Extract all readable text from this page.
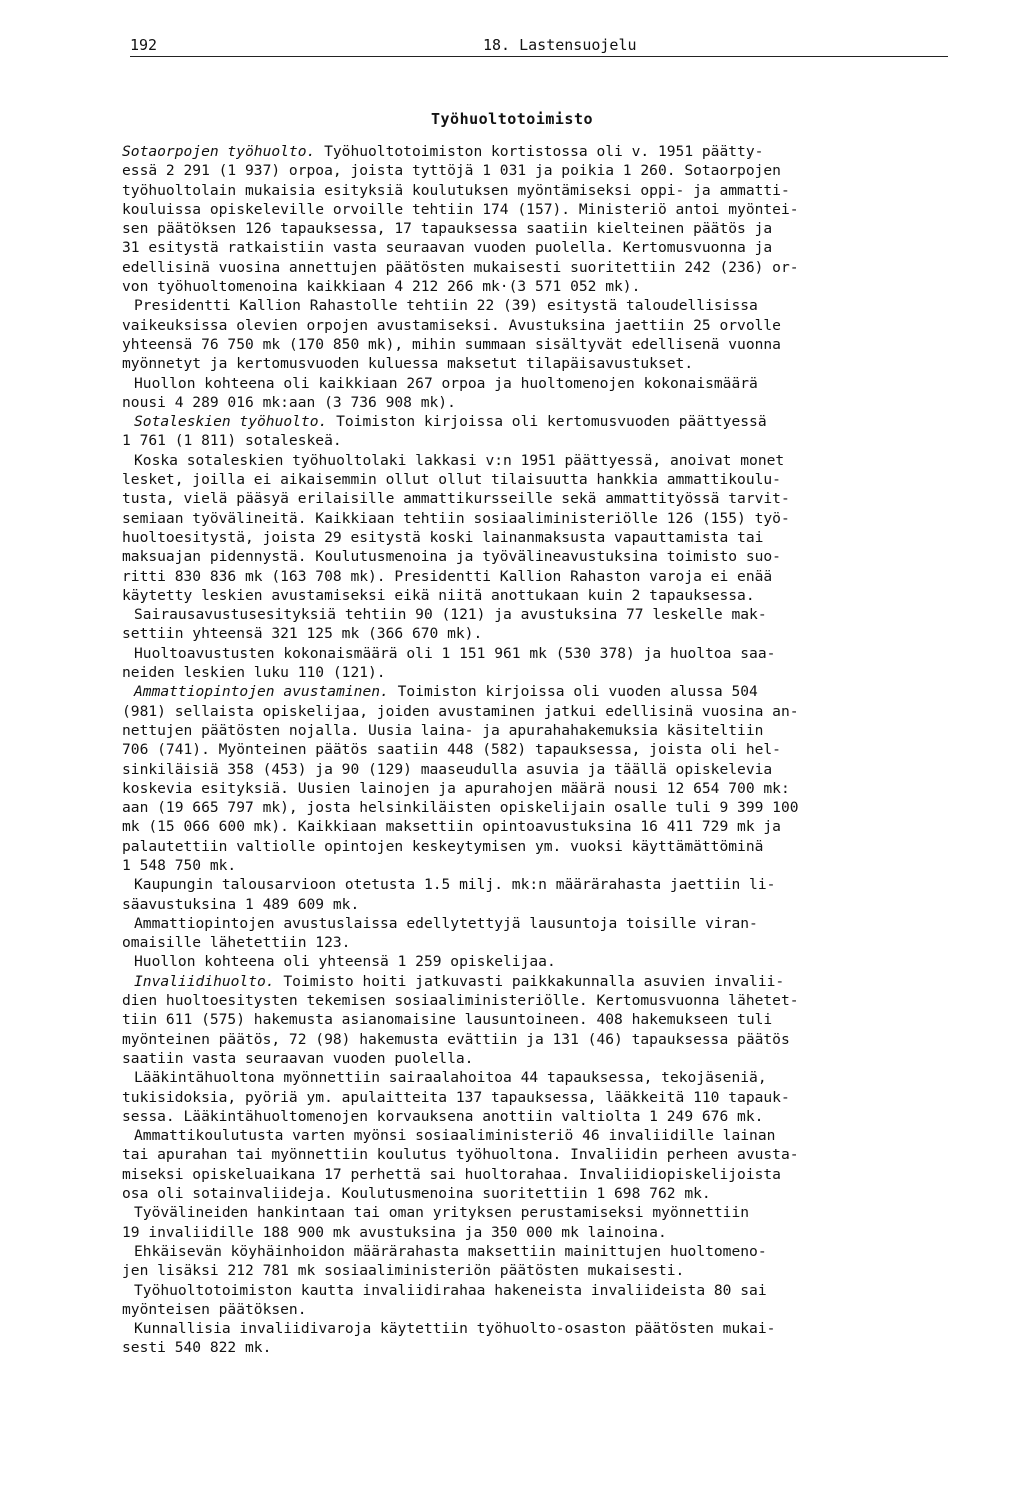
192	18. Lastensuojelu
Työhuoltotoimisto

Sotaorpojen työhuolto. Työhuoltotoimiston kortistossa oli v. 1951 päätty-

essä 2 291 (1 937) orpoa, joista tyttöjä 1 031 ja poikia 1 260. Sotaorpojen

työhuoltolain mukaisia esityksiä koulutuksen myöntämiseksi oppi- ja ammatti-

kouluissa opiskeleville orvoille tehtiin 174 (157). Ministeriö antoi myöntei-

sen päätöksen 126 tapauksessa, 17 tapauksessa saatiin kielteinen päätös ja

31 esitystä ratkaistiin vasta seuraavan vuoden puolella. Kertomusvuonna ja

edellisinä vuosina annettujen päätösten mukaisesti suoritettiin 242 (236) or-

von työhuoltomenoina kaikkiaan 4 212 266 mk·(3 571 052 mk).

Presidentti Kallion Rahastolle tehtiin 22 (39) esitystä taloudellisissa

vaikeuksissa olevien orpojen avustamiseksi. Avustuksina jaettiin 25 orvolle

yhteensä 76 750 mk (170 850 mk), mihin summaan sisältyvät edellisenä vuonna

myönnetyt ja kertomusvuoden kuluessa maksetut tilapäisavustukset.

Huollon kohteena oli kaikkiaan 267 orpoa ja huoltomenojen kokonaismäärä

nousi 4 289 016 mk:aan (3 736 908 mk).

Sotaleskien työhuolto. Toimiston kirjoissa oli kertomusvuoden päättyessä

1 761 (1 811) sotaleskeä.

Koska sotaleskien työhuoltolaki lakkasi v:n 1951 päättyessä, anoivat monet

lesket, joilla ei aikaisemmin ollut ollut tilaisuutta hankkia ammattikoulu-

tusta, vielä pääsyä erilaisille ammattikursseille sekä ammattityössä tarvit-

semiaan työvälineitä. Kaikkiaan tehtiin sosiaaliministeriölle 126 (155) työ-

huoltoesitystä, joista 29 esitystä koski lainanmaksusta vapauttamista tai

maksuajan pidennystä. Koulutusmenoina ja työvälineavustuksina toimisto suo-

ritti 830 836 mk (163 708 mk). Presidentti Kallion Rahaston varoja ei enää

käytetty leskien avustamiseksi eikä niitä anottukaan kuin 2 tapauksessa.

Sairausavustusesityksiä tehtiin 90 (121) ja avustuksina 77 leskelle mak-

settiin yhteensä 321 125 mk (366 670 mk).

Huoltoavustusten kokonaismäärä oli 1 151 961 mk (530 378) ja huoltoa saa-

neiden leskien luku 110 (121).

Ammattiopintojen avustaminen. Toimiston kirjoissa oli vuoden alussa 504

(981) sellaista opiskelijaa, joiden avustaminen jatkui edellisinä vuosina an-

nettujen päätösten nojalla. Uusia laina- ja apurahahakemuksia käsiteltiin

706 (741). Myönteinen päätös saatiin 448 (582) tapauksessa, joista oli hel-

sinkiläisiä 358 (453) ja 90 (129) maaseudulla asuvia ja täällä opiskelevia

koskevia esityksiä. Uusien lainojen ja apurahojen määrä nousi 12 654 700 mk:

aan (19 665 797 mk), josta helsinkiläisten opiskelijain osalle tuli 9 399 100

mk (15 066 600 mk). Kaikkiaan maksettiin opintoavustuksina 16 411 729 mk ja

palautettiin valtiolle opintojen keskeytymisen ym. vuoksi käyttämättöminä

1 548 750 mk.

Kaupungin talousarvioon otetusta 1.5 milj. mk:n määrärahasta jaettiin li-

säavustuksina 1 489 609 mk.

Ammattiopintojen avustuslaissa edellytettyjä lausuntoja toisille viran-

omaisille lähetettiin 123.

Huollon kohteena oli yhteensä 1 259 opiskelijaa.

Invaliidihuolto. Toimisto hoiti jatkuvasti paikkakunnalla asuvien invalii-

dien huoltoesitysten tekemisen sosiaaliministeriölle. Kertomusvuonna lähetet-

tiin 611 (575) hakemusta asianomaisine lausuntoineen. 408 hakemukseen tuli

myönteinen päätös, 72 (98) hakemusta evättiin ja 131 (46) tapauksessa päätös

saatiin vasta seuraavan vuoden puolella.

Lääkintähuoltona myönnettiin sairaalahoitoa 44 tapauksessa, tekojäseniä,

tukisidoksia, pyöriä ym. apulaitteita 137 tapauksessa, lääkkeitä 110 tapauk-

sessa. Lääkintähuoltomenojen korvauksena anottiin valtiolta 1 249 676 mk.

Ammattikoulutusta varten myönsi sosiaaliministeriö 46 invaliidille lainan

tai apurahan tai myönnettiin koulutus työhuoltona. Invaliidin perheen avusta-

miseksi opiskeluaikana 17 perhettä sai huoltorahaa. Invaliidiopiskelijoista

osa oli sotainvaliideja. Koulutusmenoina suoritettiin 1 698 762 mk.

Työvälineiden hankintaan tai oman yrityksen perustamiseksi myönnettiin

19 invaliidille 188 900 mk avustuksina ja 350 000 mk lainoina.

Ehkäisevän köyhäinhoidon määrärahasta maksettiin mainittujen huoltomeno-

jen lisäksi 212 781 mk sosiaaliministeriön päätösten mukaisesti.

Työhuoltotoimiston kautta invaliidirahaa hakeneista invaliideista 80 sai

myönteisen päätöksen.

Kunnallisia invaliidivaroja käytettiin työhuolto-osaston päätösten mukai-

sesti 540 822 mk.
